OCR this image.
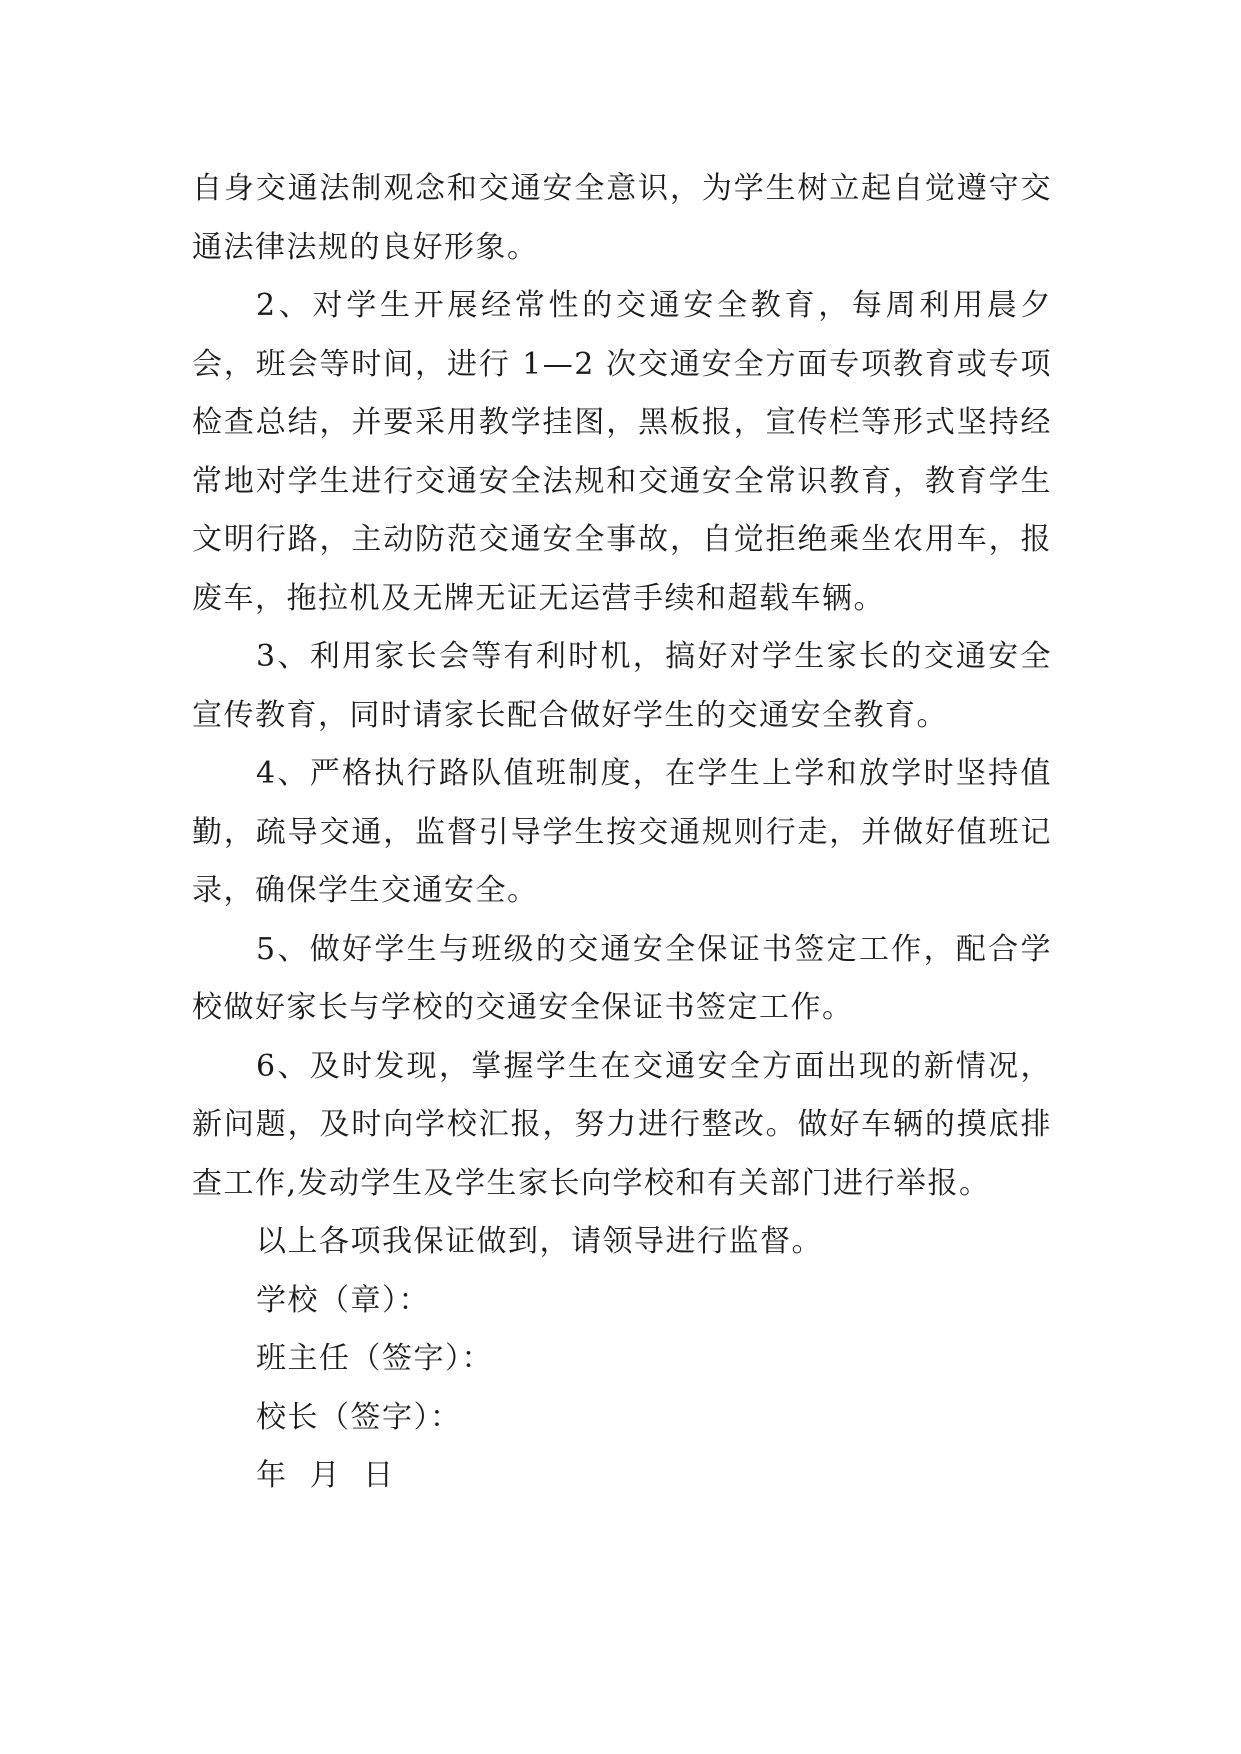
自身交通法制观念和交通安全意识，为学生树立起自觉遵守交通法律法规的良好形象。

2、对学生开展经常性的交通安全教育，每周利用晨夕会，班会等时间，进行 1—2 次交通安全方面专项教育或专项检查总结，并要采用教学挂图，黑板报，宣传栏等形式坚持经常地对学生进行交通安全法规和交通安全常识教育，教育学生文明行路，主动防范交通安全事故，自觉拒绝乘坐农用车，报废车，拖拉机及无牌无证无运营手续和超载车辆。

3、利用家长会等有利时机，搞好对学生家长的交通安全宣传教育，同时请家长配合做好学生的交通安全教育。

4、严格执行路队值班制度，在学生上学和放学时坚持值勤，疏导交通，监督引导学生按交通规则行走，并做好值班记录，确保学生交通安全。

5、做好学生与班级的交通安全保证书签定工作，配合学校做好家长与学校的交通安全保证书签定工作。

6、及时发现，掌握学生在交通安全方面出现的新情况，新问题，及时向学校汇报，努力进行整改。做好车辆的摸底排查工作,发动学生及学生家长向学校和有关部门进行举报。

以上各项我保证做到，请领导进行监督。

学校（章）：

班主任（签字）：

校长（签字）：

年  月  日
